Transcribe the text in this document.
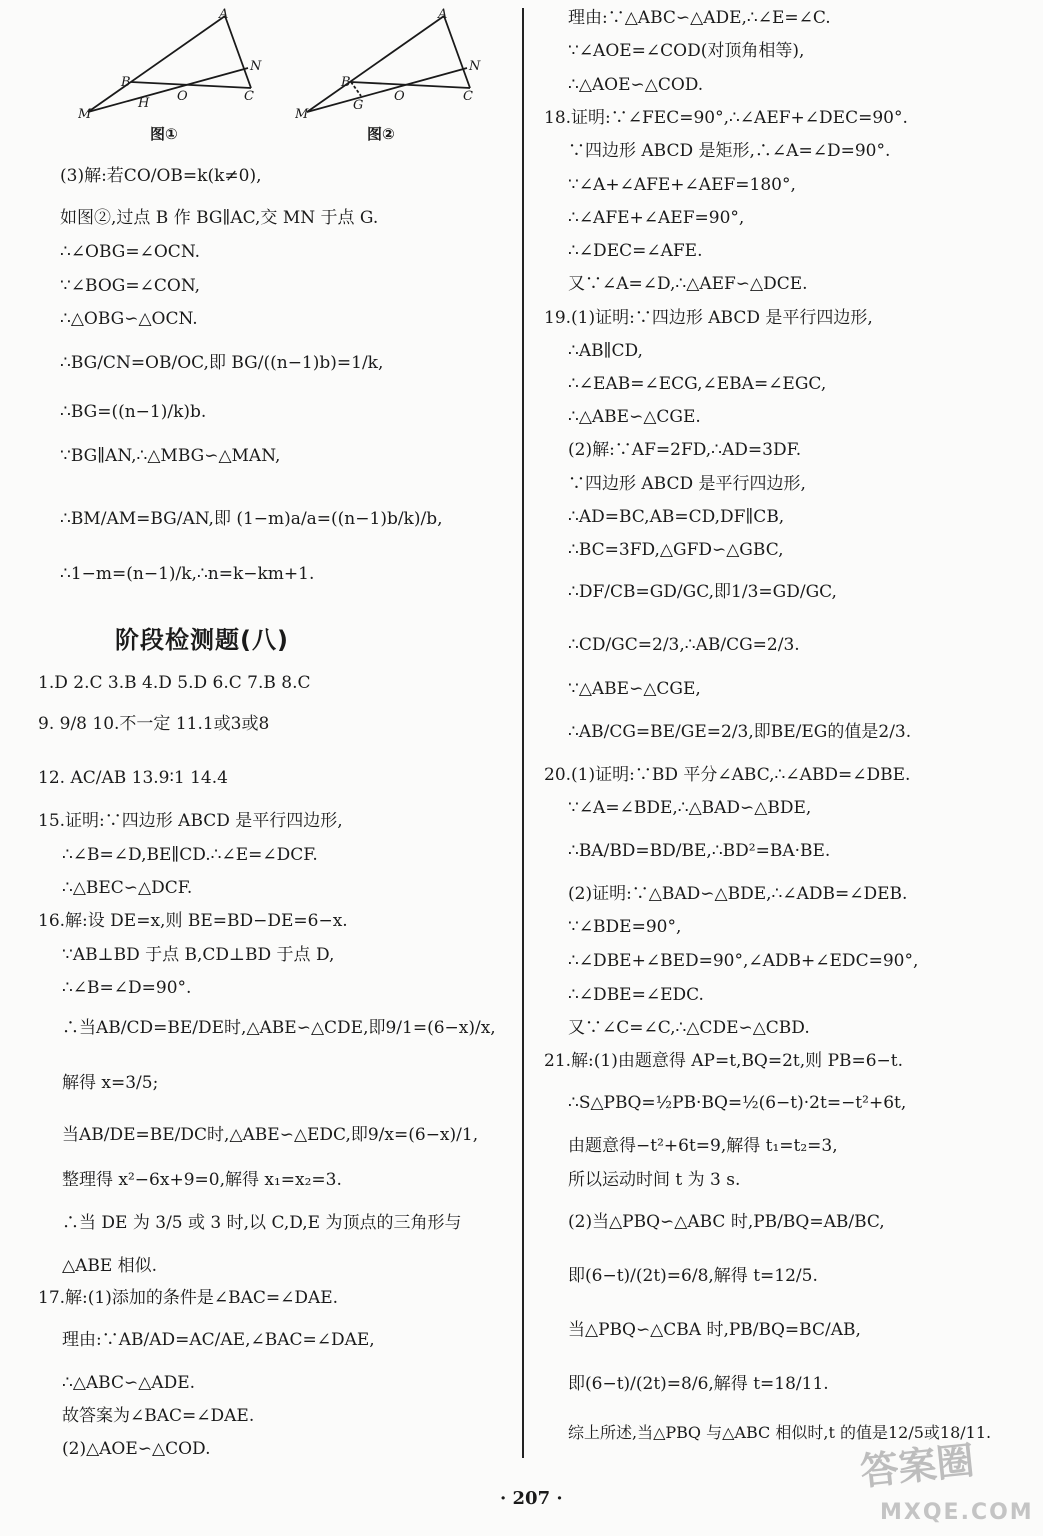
A
B
N
M
H O	C
图①
A
B
N
M
G
O	C
图②
(3)解:若CO/OB=k(k≠0),
如图②,过点 B 作 BG∥AC,交 MN 于点 G.
∴∠OBG=∠OCN.
∵∠BOG=∠CON,
∴△OBG∽△OCN.
∴BG/CN=OB/OC,即 BG/((n−1)b)=1/k,
∴BG=((n−1)/k)b.
∵BG∥AN,∴△MBG∽△MAN,
∴BM/AM=BG/AN,即 (1−m)a/a=((n−1)b/k)/b,
∴1−m=(n−1)/k,∴n=k−km+1.
阶段检测题(八)
1.D 2.C 3.B 4.D 5.D 6.C 7.B 8.C
9. 9/8 10.不一定 11.1或3或8
12. AC/AB 13.9∶1 14.4
15.证明:∵四边形 ABCD 是平行四边形,
∴∠B=∠D,BE∥CD.∴∠E=∠DCF.
∴△BEC∽△DCF.
16.解:设 DE=x,则 BE=BD−DE=6−x.
∵AB⊥BD 于点 B,CD⊥BD 于点 D,
∴∠B=∠D=90°.
∴当AB/CD=BE/DE时,△ABE∽△CDE,即9/1=(6−x)/x,
解得 x=3/5;
当AB/DE=BE/DC时,△ABE∽△EDC,即9/x=(6−x)/1,
整理得 x²−6x+9=0,解得 x₁=x₂=3.
∴当 DE 为 3/5 或 3 时,以 C,D,E 为顶点的三角形与
△ABE 相似.
17.解:(1)添加的条件是∠BAC=∠DAE.
理由:∵AB/AD=AC/AE,∠BAC=∠DAE,
∴△ABC∽△ADE.
故答案为∠BAC=∠DAE.
(2)△AOE∽△COD.
理由:∵△ABC∽△ADE,∴∠E=∠C.
∵∠AOE=∠COD(对顶角相等),
∴△AOE∽△COD.
18.证明:∵∠FEC=90°,∴∠AEF+∠DEC=90°.
∵四边形 ABCD 是矩形,∴∠A=∠D=90°.
∵∠A+∠AFE+∠AEF=180°,
∴∠AFE+∠AEF=90°,
∴∠DEC=∠AFE.
又∵∠A=∠D,∴△AEF∽△DCE.
19.(1)证明:∵四边形 ABCD 是平行四边形,
∴AB∥CD,
∴∠EAB=∠ECG,∠EBA=∠EGC,
∴△ABE∽△CGE.
(2)解:∵AF=2FD,∴AD=3DF.
∵四边形 ABCD 是平行四边形,
∴AD=BC,AB=CD,DF∥CB,
∴BC=3FD,△GFD∽△GBC,
∴DF/CB=GD/GC,即1/3=GD/GC,
∴CD/GC=2/3,∴AB/CG=2/3.
∵△ABE∽△CGE,
∴AB/CG=BE/GE=2/3,即BE/EG的值是2/3.
20.(1)证明:∵BD 平分∠ABC,∴∠ABD=∠DBE.
∵∠A=∠BDE,∴△BAD∽△BDE,
∴BA/BD=BD/BE,∴BD²=BA·BE.
(2)证明:∵△BAD∽△BDE,∴∠ADB=∠DEB.
∵∠BDE=90°,
∴∠DBE+∠BED=90°,∠ADB+∠EDC=90°,
∴∠DBE=∠EDC.
又∵∠C=∠C,∴△CDE∽△CBD.
21.解:(1)由题意得 AP=t,BQ=2t,则 PB=6−t.
∴S△PBQ=½PB·BQ=½(6−t)·2t=−t²+6t,
由题意得−t²+6t=9,解得 t₁=t₂=3,
所以运动时间 t 为 3 s.
(2)当△PBQ∽△ABC 时,PB/BQ=AB/BC,
即(6−t)/(2t)=6/8,解得 t=12/5.
当△PBQ∽△CBA 时,PB/BQ=BC/AB,
即(6−t)/(2t)=8/6,解得 t=18/11.
综上所述,当△PBQ 与△ABC 相似时,t 的值是12/5或18/11.
· 207 ·
答案圈
MXQE.COM
